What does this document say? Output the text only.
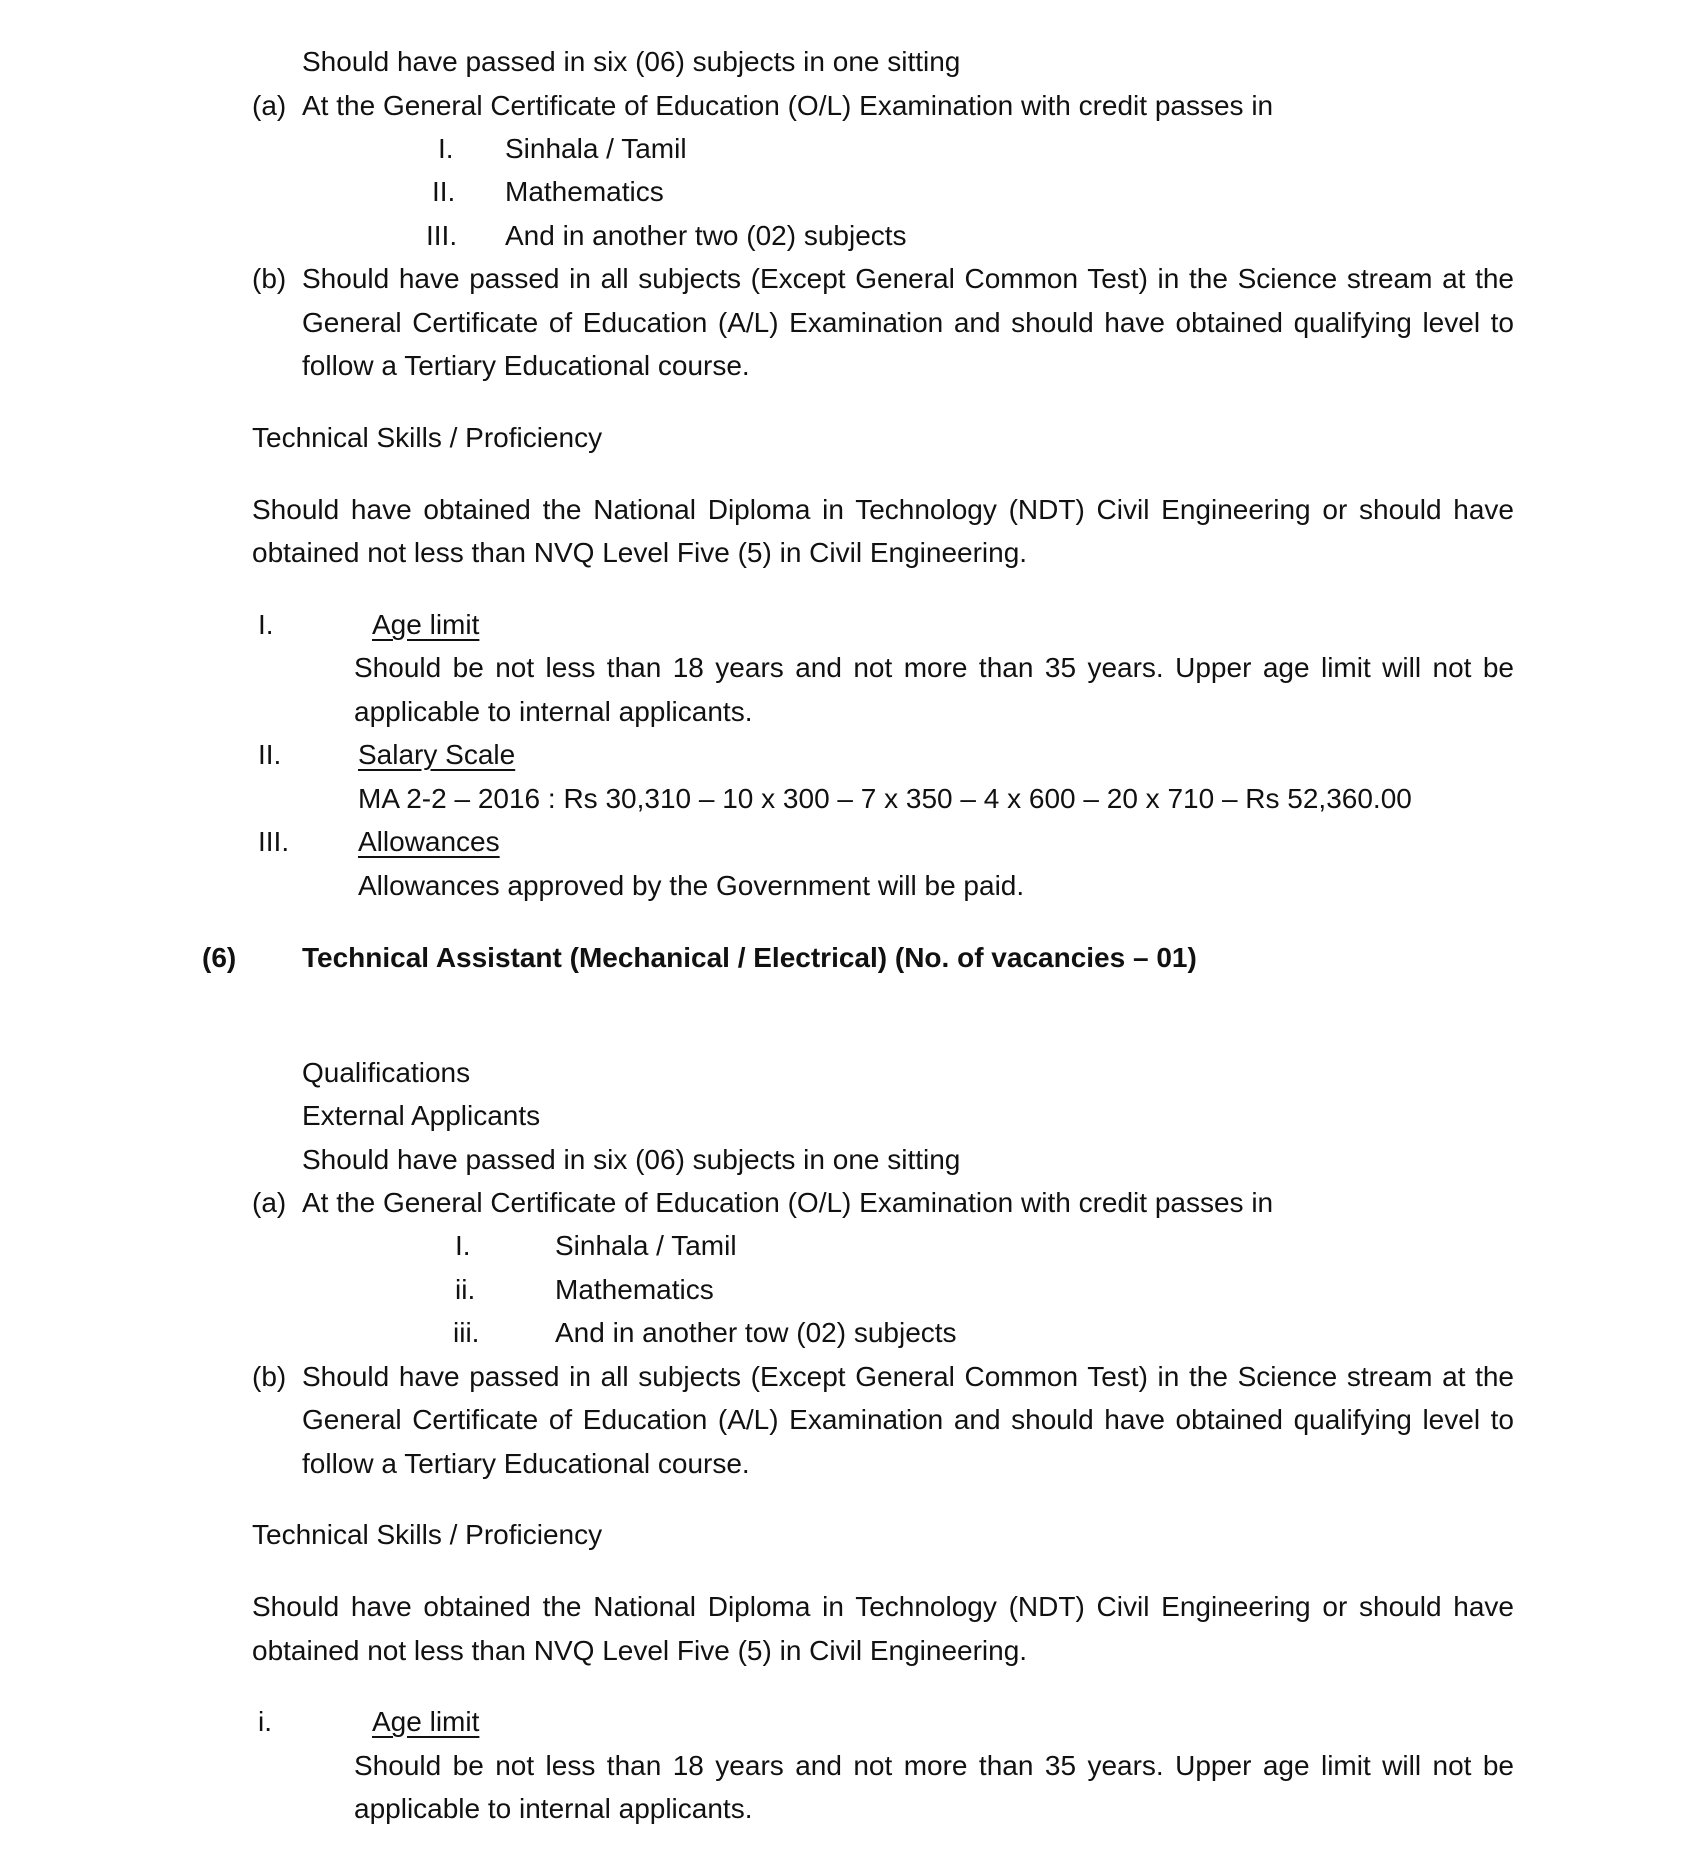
Should have passed in six (06) subjects in one sitting
(a) At the General Certificate of Education (O/L) Examination with credit passes in
I. Sinhala / Tamil
II. Mathematics
III. And in another two (02) subjects
(b) Should have passed in all subjects (Except General Common Test) in the Science stream at the
General Certificate of Education (A/L) Examination and should have obtained qualifying level to
follow a Tertiary Educational course.
Technical Skills / Proficiency
Should have obtained the National Diploma in Technology (NDT) Civil Engineering or should have
obtained not less than NVQ Level Five (5) in Civil Engineering.
I.	Age limit
Should be not less than 18 years and not more than 35 years. Upper age limit will not be
applicable to internal applicants.
II.	Salary Scale
MA 2-2 – 2016 : Rs 30,310 – 10 x 300 – 7 x 350 – 4 x 600 – 20 x 710 – Rs 52,360.00
III. Allowances
Allowances approved by the Government will be paid.
(6) Technical Assistant (Mechanical / Electrical) (No. of vacancies – 01)
Qualifications
External Applicants
Should have passed in six (06) subjects in one sitting
(a) At the General Certificate of Education (O/L) Examination with credit passes in
I.	Sinhala / Tamil
ii.	Mathematics
iii.	And in another tow (02) subjects
(b) Should have passed in all subjects (Except General Common Test) in the Science stream at the
General Certificate of Education (A/L) Examination and should have obtained qualifying level to
follow a Tertiary Educational course.
Technical Skills / Proficiency
Should have obtained the National Diploma in Technology (NDT) Civil Engineering or should have
obtained not less than NVQ Level Five (5) in Civil Engineering.
i.	Age limit
Should be not less than 18 years and not more than 35 years. Upper age limit will not be
applicable to internal applicants.
